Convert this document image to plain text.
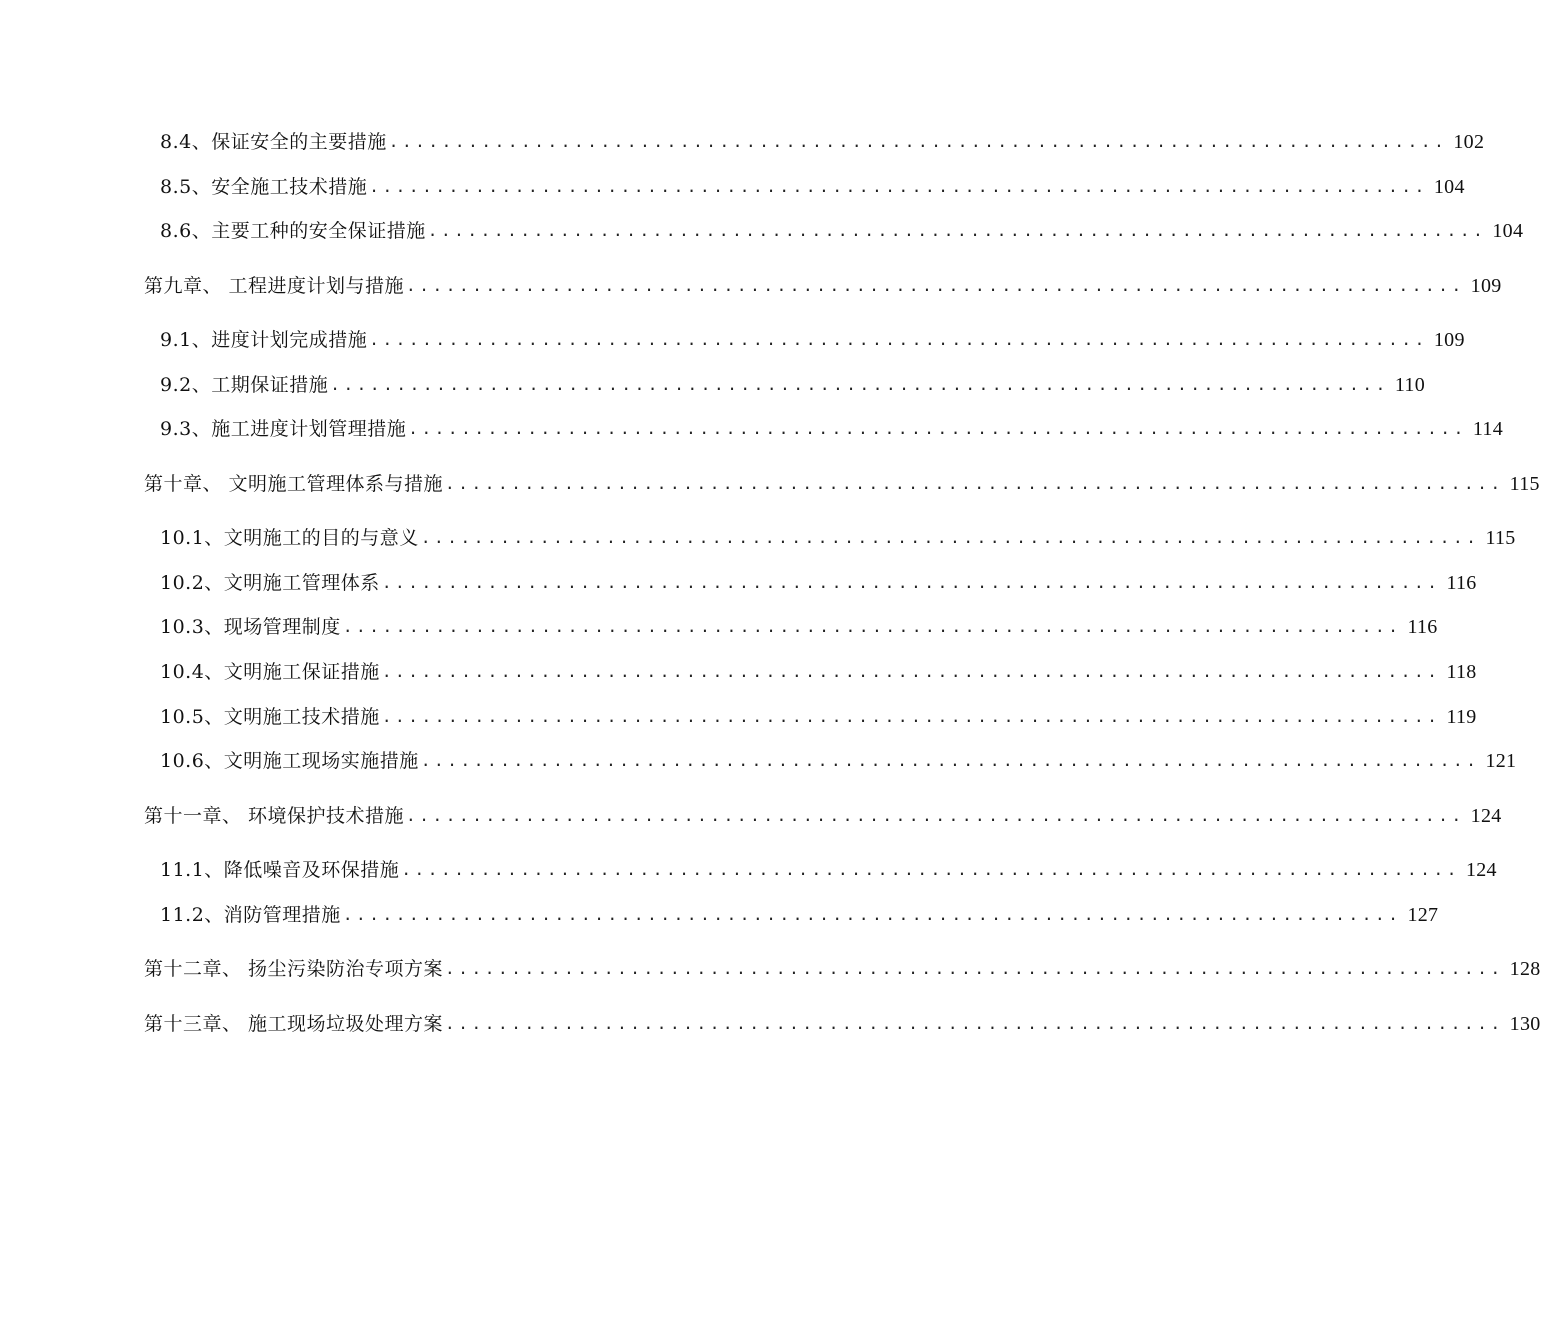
8.4、保证安全的主要措施 ................................................................................ 102
8.5、安全施工技术措施 ................................................................................ 104
8.6、主要工种的安全保证措施 ................................................................................ 104
第九章、 工程进度计划与措施 ................................................................................ 109
9.1、进度计划完成措施 ................................................................................ 109
9.2、工期保证措施 ................................................................................ 110
9.3、施工进度计划管理措施 ................................................................................ 114
第十章、 文明施工管理体系与措施 ................................................................................ 115
10.1、文明施工的目的与意义 ................................................................................ 115
10.2、文明施工管理体系 ................................................................................ 116
10.3、现场管理制度 ................................................................................ 116
10.4、文明施工保证措施 ................................................................................ 118
10.5、文明施工技术措施 ................................................................................ 119
10.6、文明施工现场实施措施 ................................................................................ 121
第十一章、 环境保护技术措施 ................................................................................ 124
11.1、降低噪音及环保措施 ................................................................................ 124
11.2、消防管理措施 ................................................................................ 127
第十二章、 扬尘污染防治专项方案 ................................................................................ 128
第十三章、 施工现场垃圾处理方案 ................................................................................ 130
